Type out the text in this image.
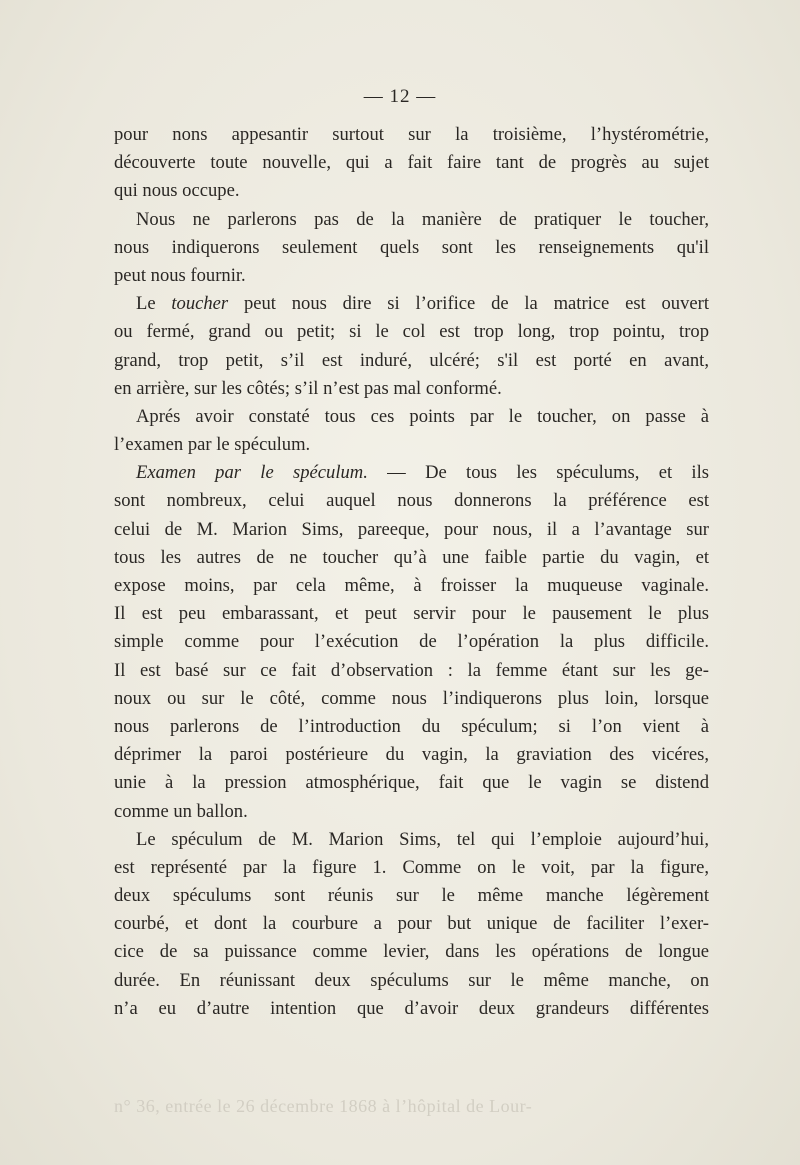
— 12 —
pour nons appesantir surtout sur la troisième, l’hystérométrie,
découverte toute nouvelle, qui a fait faire tant de progrès au sujet
qui nous occupe.
Nous ne parlerons pas de la manière de pratiquer le toucher,
nous indiquerons seulement quels sont les renseignements qu'il
peut nous fournir.
Le toucher peut nous dire si l’orifice de la matrice est ouvert
ou fermé, grand ou petit; si le col est trop long, trop pointu, trop
grand, trop petit, s’il est induré, ulcéré; s'il est porté en avant,
en arrière, sur les côtés; s’il n’est pas mal conformé.
Aprés avoir constaté tous ces points par le toucher, on passe à
l’examen par le spéculum.
Examen par le spéculum. — De tous les spéculums, et ils
sont nombreux, celui auquel nous donnerons la préférence est
celui de M. Marion Sims, pareeque, pour nous, il a l’avantage sur
tous les autres de ne toucher qu’à une faible partie du vagin, et
expose moins, par cela même, à froisser la muqueuse vaginale.
Il est peu embarassant, et peut servir pour le pausement le plus
simple comme pour l’exécution de l’opération la plus difficile.
Il est basé sur ce fait d’observation : la femme étant sur les ge-
noux ou sur le côté, comme nous l’indiquerons plus loin, lorsque
nous parlerons de l’introduction du spéculum; si l’on vient à
déprimer la paroi postérieure du vagin, la graviation des vicéres,
unie à la pression atmosphérique, fait que le vagin se distend
comme un ballon.
Le spéculum de M. Marion Sims, tel qui l’emploie aujourd’hui,
est représenté par la figure 1. Comme on le voit, par la figure,
deux spéculums sont réunis sur le même manche légèrement
courbé, et dont la courbure a pour but unique de faciliter l’exer-
cice de sa puissance comme levier, dans les opérations de longue
durée. En réunissant deux spéculums sur le même manche, on
n’a eu d’autre intention que d’avoir deux grandeurs différentes
n° 36, entrée le 26 décembre 1868 à l’hôpital de Lour-
